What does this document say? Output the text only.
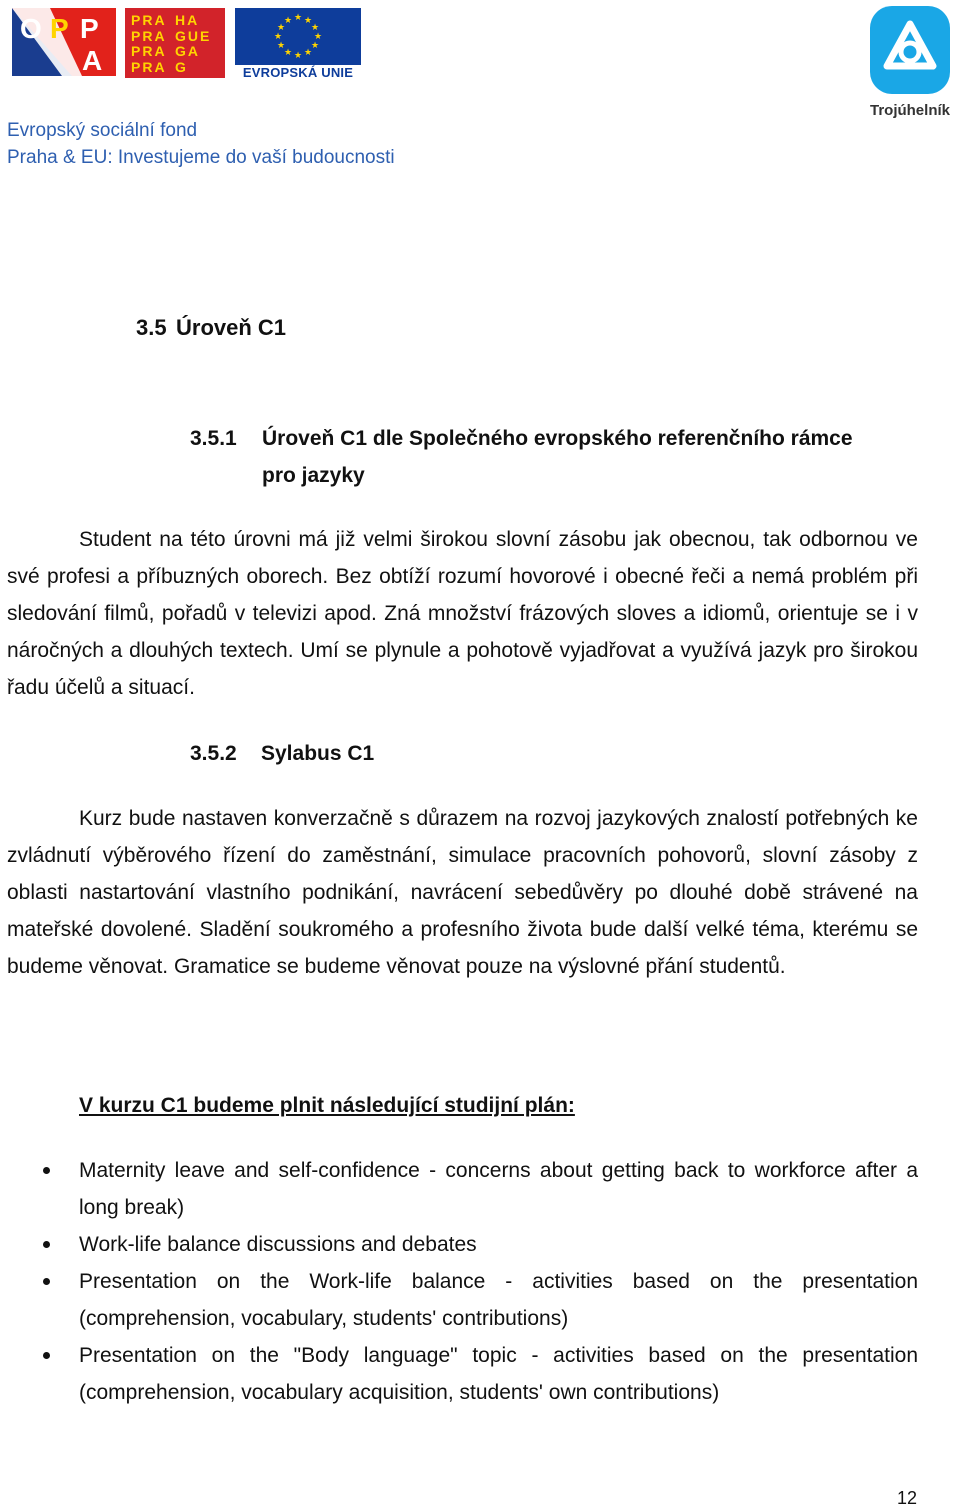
O P P
A
PRA HA
PRA GUE
PRA GA
PRA G
★ ★
★
★
★
★
★
★
★
★
★
★
EVROPSKÁ UNIE
Trojúhelník
Evropský sociální fond
Praha & EU: Investujeme do vaší budoucnosti
3.5 Úroveň C1
3.5.1 Úroveň C1 dle Společného evropského referenčního rámce
pro jazyky

Student na této úrovni má již velmi širokou slovní zásobu jak obecnou, tak odbornou ve své profesi a příbuzných oborech. Bez obtíží rozumí hovorové i obecné řeči a nemá problém při sledování filmů, pořadů v televizi apod. Zná množství frázových sloves a idiomů, orientuje se i v náročných a dlouhých textech. Umí se plynule a pohotově vyjadřovat a využívá jazyk pro širokou řadu účelů a situací.

3.5.2 Sylabus C1

Kurz bude nastaven konverzačně s důrazem na rozvoj jazykových znalostí potřebných ke zvládnutí výběrového řízení do zaměstnání, simulace pracovních pohovorů, slovní zásoby z oblasti nastartování vlastního podnikání, navrácení sebedůvěry po dlouhé době strávené na mateřské dovolené. Sladění soukromého a profesního života bude další velké téma, kterému se budeme věnovat. Gramatice se budeme věnovat pouze na výslovné přání studentů.

V kurzu C1 budeme plnit následující studijní plán:
Maternity leave and self-confidence - concerns about getting back to workforce after a long break)
Work-life balance discussions and debates
Presentation on the Work-life balance - activities based on the presentation (comprehension, vocabulary, students' contributions)
Presentation on the "Body language" topic - activities based on the presentation (comprehension, vocabulary acquisition, students' own contributions)
12
